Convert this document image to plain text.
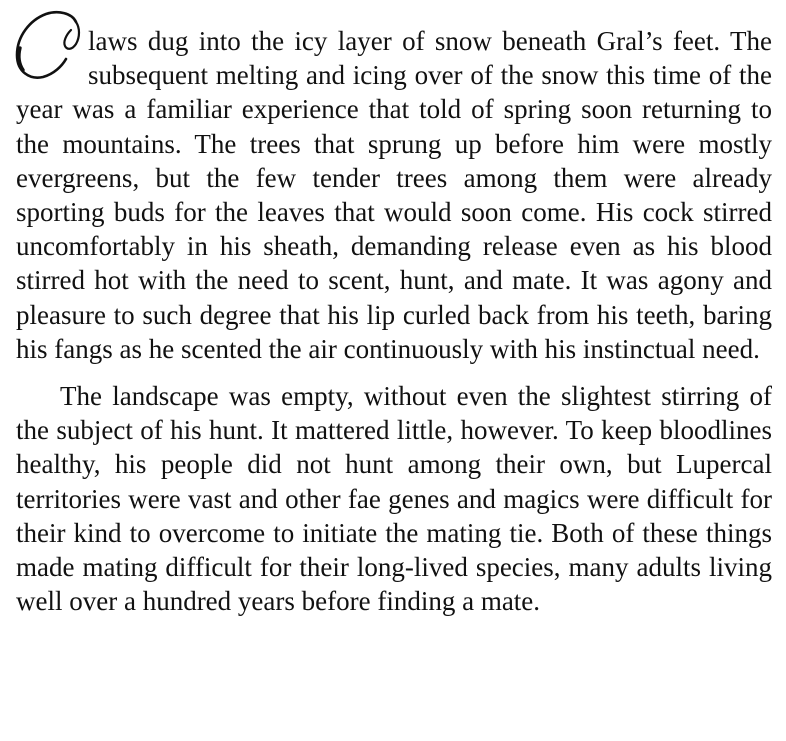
laws dug into the icy layer of snow beneath Gral’s feet. The subsequent melting and icing over of the snow this time of the year was a familiar experience that told of spring soon returning to the mountains. The trees that sprung up before him were mostly evergreens, but the few tender trees among them were already sporting buds for the leaves that would soon come. His cock stirred uncomfortably in his sheath, demanding release even as his blood stirred hot with the need to scent, hunt, and mate. It was agony and pleasure to such degree that his lip curled back from his teeth, baring his fangs as he scented the air continuously with his instinctual need.

The landscape was empty, without even the slightest stirring of the subject of his hunt. It mattered little, however. To keep bloodlines healthy, his people did not hunt among their own, but Lupercal territories were vast and other fae genes and magics were difficult for their kind to overcome to initiate the mating tie. Both of these things made mating difficult for their long-lived species, many adults living well over a hundred years before finding a mate.
